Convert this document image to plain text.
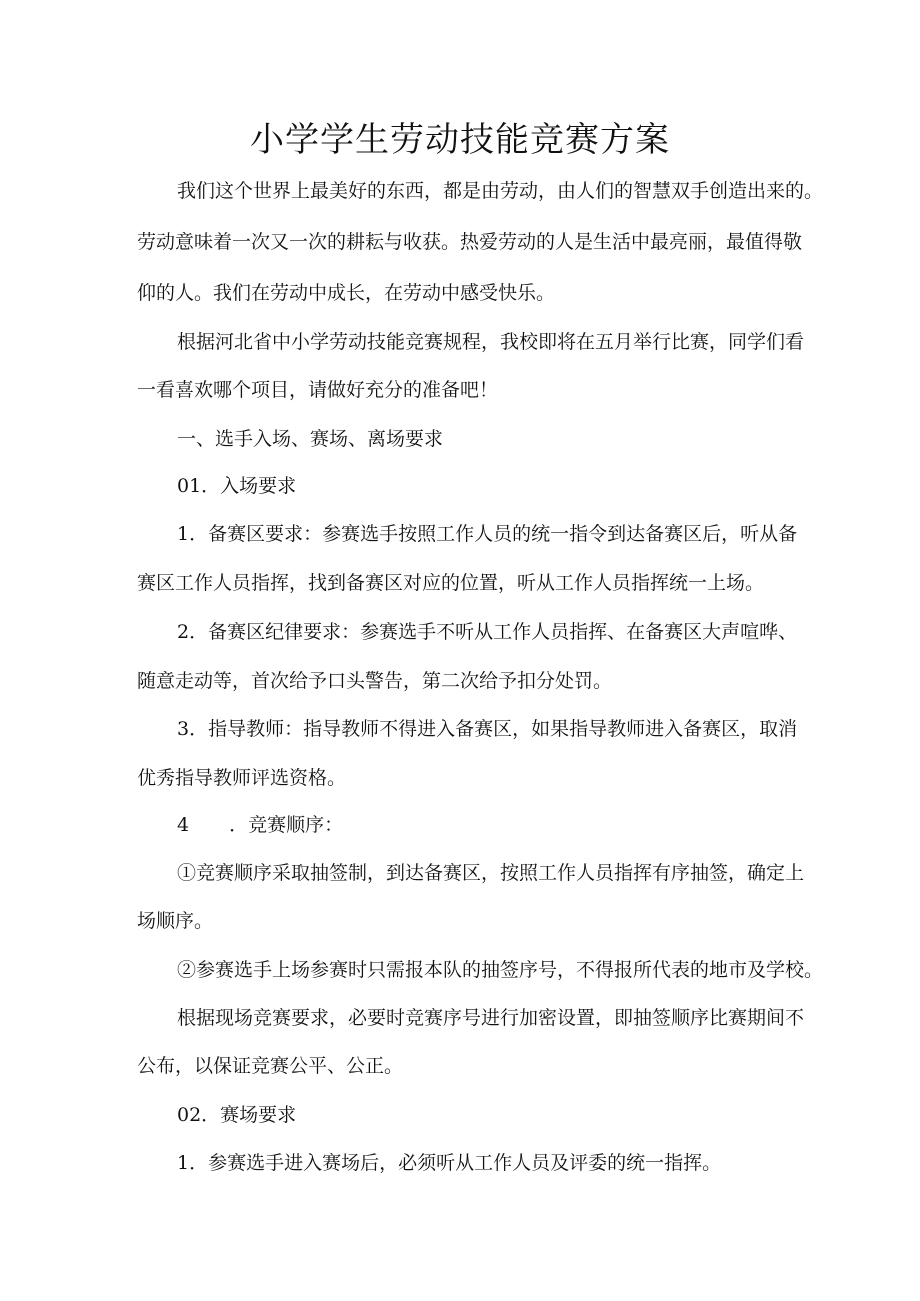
小学学生劳动技能竞赛方案

我们这个世界上最美好的东西，都是由劳动，由人们的智慧双手创造出来的。

劳动意味着一次又一次的耕耘与收获。热爱劳动的人是生活中最亮丽，最值得敬

仰的人。我们在劳动中成长，在劳动中感受快乐。

根据河北省中小学劳动技能竞赛规程，我校即将在五月举行比赛，同学们看

一看喜欢哪个项目，请做好充分的准备吧！

一、选手入场、赛场、离场要求

01．入场要求

1．备赛区要求：参赛选手按照工作人员的统一指令到达备赛区后，听从备

赛区工作人员指挥，找到备赛区对应的位置，听从工作人员指挥统一上场。

2．备赛区纪律要求：参赛选手不听从工作人员指挥、在备赛区大声喧哗、

随意走动等，首次给予口头警告，第二次给予扣分处罚。

3．指导教师：指导教师不得进入备赛区，如果指导教师进入备赛区，取消

优秀指导教师评选资格。

4 ．竞赛顺序：

①竞赛顺序采取抽签制，到达备赛区，按照工作人员指挥有序抽签，确定上

场顺序。

②参赛选手上场参赛时只需报本队的抽签序号，不得报所代表的地市及学校。

根据现场竞赛要求，必要时竞赛序号进行加密设置，即抽签顺序比赛期间不

公布，以保证竞赛公平、公正。

02．赛场要求

1．参赛选手进入赛场后，必须听从工作人员及评委的统一指挥。
